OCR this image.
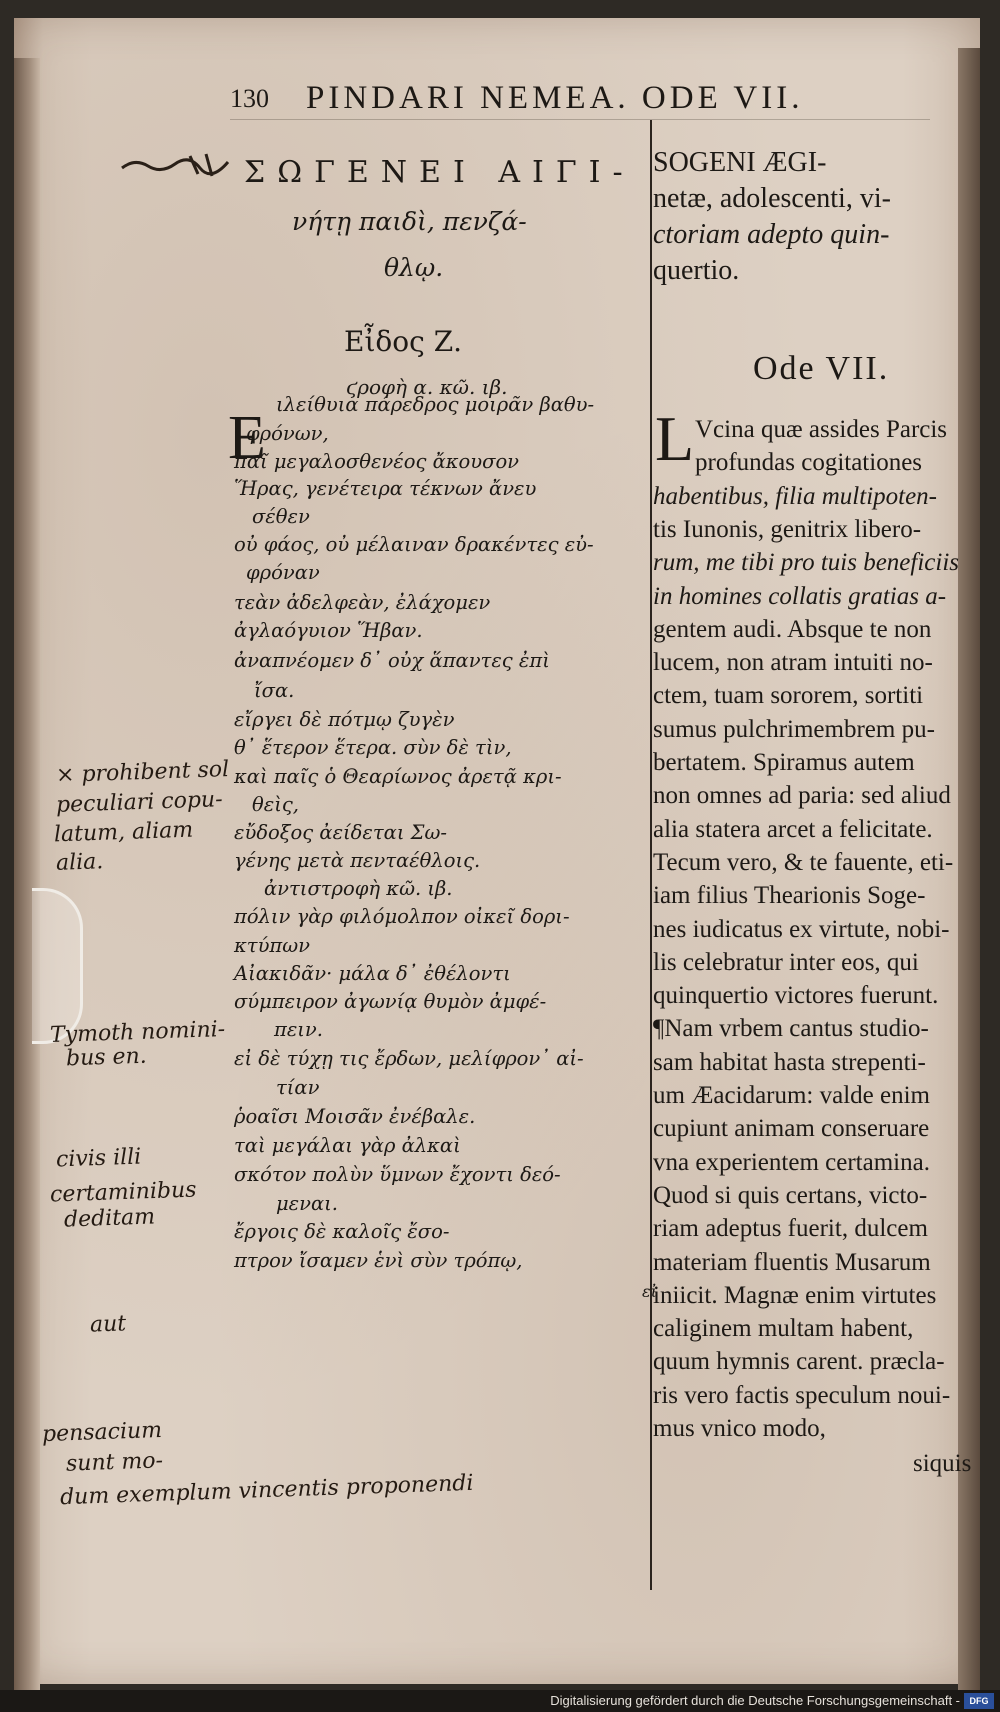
130 PINDARI NEMEA. ODE VII.
ΣΩΓΕΝΕΙ ΑΙΓΙ-
νήτῃ παιδὶ, πενζά-
θλῳ.
Εἶδος Ζ.
ϛροφὴ α. κῶ. ιβ.
Ε ιλείθυια πάρεδρος μοιρᾶν βαθυ-
φρόνων,
παῖ μεγαλοσθενέος ἄκουσον
Ἥρας, γενέτειρα τέκνων ἄνευ
σέθεν
οὐ φάος, οὐ μέλαιναν δρακέντες εὐ-
φρόναν
τεὰν ἀδελφεὰν, ἐλάχομεν
ἀγλαόγυιον Ἥβαν.
ἀναπνέομεν δ᾽ οὐχ ἅπαντες ἐπὶ
ἴσα.
εἴργει δὲ πότμῳ ζυγὲν
θ᾽ ἕτερον ἕτερα. σὺν δὲ τὶν,
καὶ παῖς ὁ Θεαρίωνος ἀρετᾷ κρι-
θεὶς,
εὔδοξος ἀείδεται Σω-
γένης μετὰ πενταέθλοις.
ἀντιστροφὴ κῶ. ιβ.
πόλιν γὰρ φιλόμολπον οἰκεῖ δορι-
κτύπων
Αἰακιδᾶν· μάλα δ᾽ ἐθέλοντι
σύμπειρον ἀγωνίᾳ θυμὸν ἀμφέ-
πειν.
εἰ δὲ τύχῃ τις ἔρδων, μελίφρον᾽ αἰ-
τίαν
ῥοαῖσι Μοισᾶν ἐνέβαλε.
ταὶ μεγάλαι γὰρ ἀλκαὶ
σκότον πολὺν ὕμνων ἔχοντι δεό-
μεναι.
ἔργοις δὲ καλοῖς ἔσο-
πτρον ἴσαμεν ἑνὶ σὺν τρόπῳ,
εἰ
SOGENI ÆGI-
netæ, adolescenti, vi-
ctoriam adepto quin-
quertio.
Ode VII.
L Vcina quæ assides Parcis
profundas cogitationes
habentibus, filia multipoten-
tis Iunonis, genitrix libero-
rum, me tibi pro tuis beneficiis
in homines collatis gratias a-
gentem audi. Absque te non
lucem, non atram intuiti no-
ctem, tuam sororem, sortiti
sumus pulchrimembrem pu-
bertatem. Spiramus autem
non omnes ad paria: sed aliud
alia statera arcet a felicitate.
Tecum vero, & te fauente, eti-
iam filius Thearionis Soge-
nes iudicatus ex virtute, nobi-
lis celebratur inter eos, qui
quinquertio victores fuerunt.
¶Nam vrbem cantus studio-
sam habitat hasta strepenti-
um Æacidarum: valde enim
cupiunt animam conseruare
vna experientem certamina.
Quod si quis certans, victo-
riam adeptus fuerit, dulcem
materiam fluentis Musarum
iniicit. Magnæ enim virtutes
caliginem multam habent,
quum hymnis carent. præcla-
ris vero factis speculum noui-
mus vnico modo,
siquis
× prohibent sol
peculiari copu-
latum, aliam
alia.
Tymoth nomini-
bus en.
civis illi
certaminibus
deditam
aut
pensacium
sunt mo-
dum exemplum vincentis proponendi
Digitalisierung gefördert durch die Deutsche Forschungsgemeinschaft -	DFG
